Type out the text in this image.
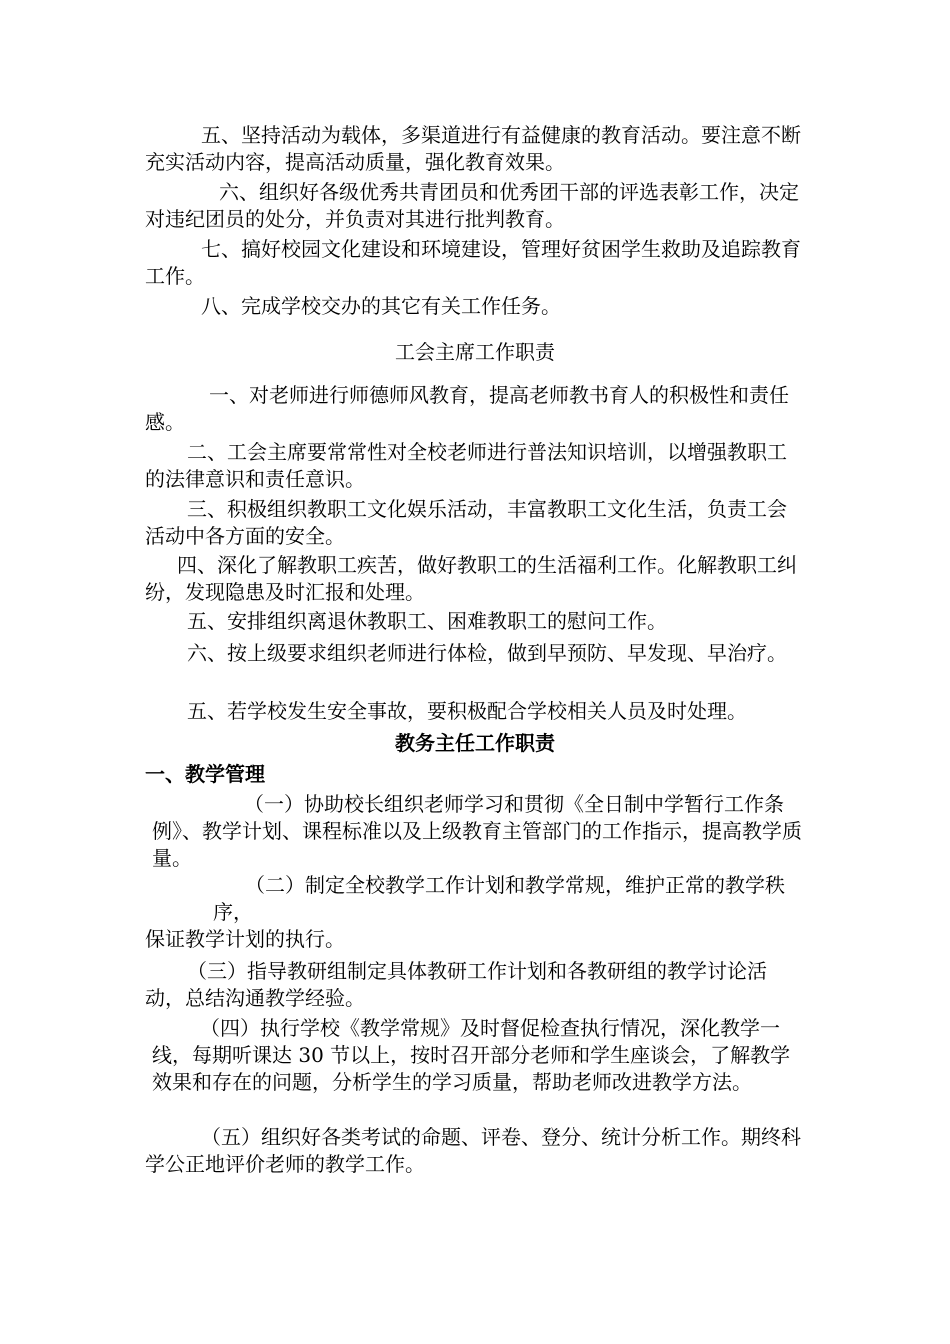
五、坚持活动为载体，多渠道进行有益健康的教育活动。要注意不断充实活动内容，提高活动质量，强化教育效果。

六、组织好各级优秀共青团员和优秀团干部的评选表彰工作，决定对违纪团员的处分，并负责对其进行批判教育。

七、搞好校园文化建设和环境建设，管理好贫困学生救助及追踪教育工作。

八、完成学校交办的其它有关工作任务。

工会主席工作职责

一、对老师进行师德师风教育，提高老师教书育人的积极性和责任感。

二、工会主席要常常性对全校老师进行普法知识培训，以增强教职工的法律意识和责任意识。

三、积极组织教职工文化娱乐活动，丰富教职工文化生活，负责工会活动中各方面的安全。

四、深化了解教职工疾苦，做好教职工的生活福利工作。化解教职工纠纷，发现隐患及时汇报和处理。

五、安排组织离退休教职工、困难教职工的慰问工作。

六、按上级要求组织老师进行体检，做到早预防、早发现、早治疗。

五、若学校发生安全事故，要积极配合学校相关人员及时处理。

教务主任工作职责
一、教学管理

（一）协助校长组织老师学习和贯彻《全日制中学暂行工作条例》、教学计划、课程标准以及上级教育主管部门的工作指示，提高教学质量。

（二）制定全校教学工作计划和教学常规，维护正常的教学秩序，

保证教学计划的执行。

（三）指导教研组制定具体教研工作计划和各教研组的教学讨论活动，总结沟通教学经验。

（四）执行学校《教学常规》及时督促检查执行情况，深化教学一线，每期听课达 30 节以上，按时召开部分老师和学生座谈会，了解教学效果和存在的问题，分析学生的学习质量，帮助老师改进教学方法。

（五）组织好各类考试的命题、评卷、登分、统计分析工作。期终科学公正地评价老师的教学工作。
